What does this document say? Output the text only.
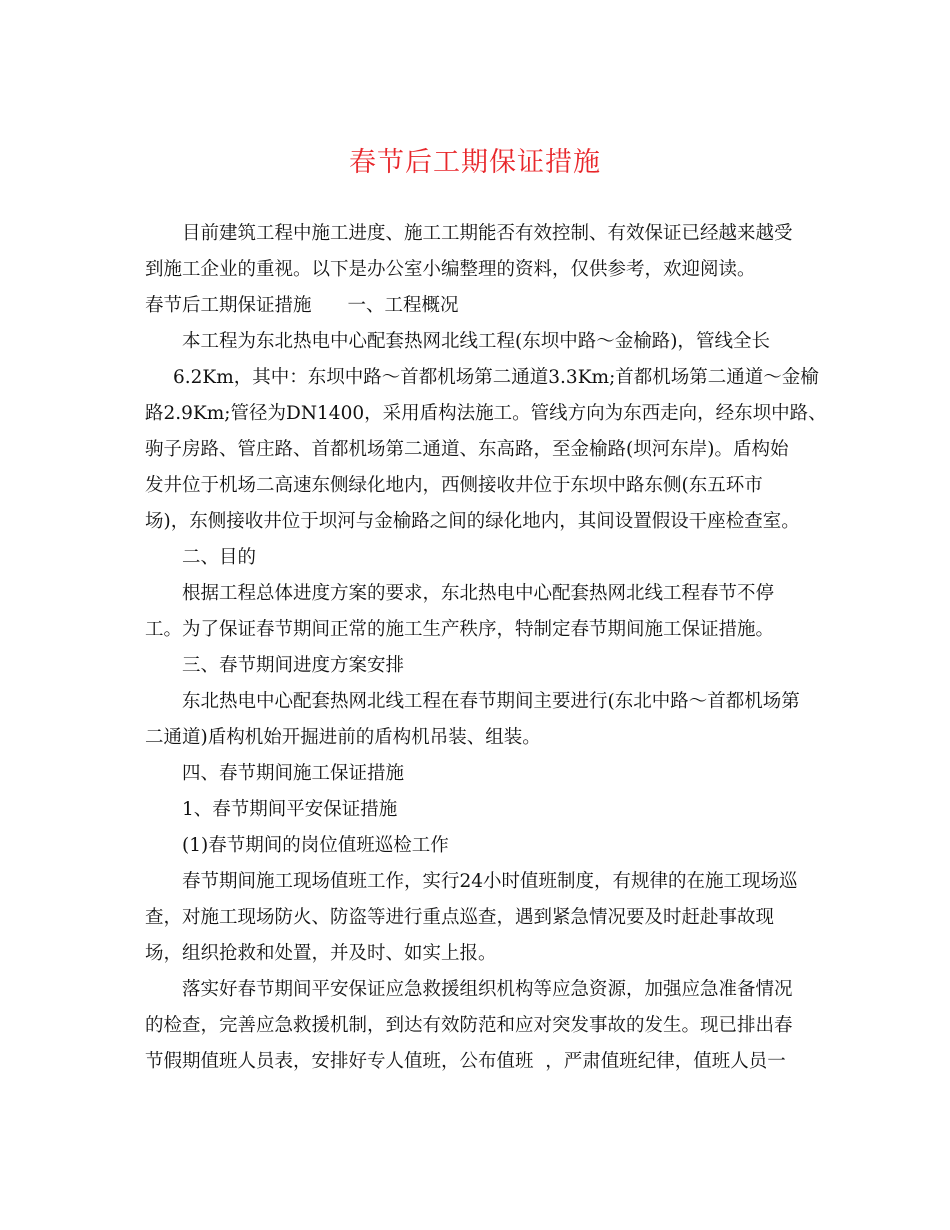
春节后工期保证措施
目前建筑工程中施工进度、施工工期能否有效控制、有效保证已经越来越受
到施工企业的重视。以下是办公室小编整理的资料，仅供参考，欢迎阅读。
春节后工期保证措施 一、工程概况
本工程为东北热电中心配套热网北线工程(东坝中路～金榆路)，管线全长
6.2Km，其中：东坝中路～首都机场第二通道3.3Km;首都机场第二通道～金榆
路2.9Km;管径为DN1400，采用盾构法施工。管线方向为东西走向，经东坝中路、
驹子房路、管庄路、首都机场第二通道、东高路，至金榆路(坝河东岸)。盾构始
发井位于机场二高速东侧绿化地内，西侧接收井位于东坝中路东侧(东五环市
场)，东侧接收井位于坝河与金榆路之间的绿化地内，其间设置假设干座检查室。
二、目的
根据工程总体进度方案的要求，东北热电中心配套热网北线工程春节不停
工。为了保证春节期间正常的施工生产秩序，特制定春节期间施工保证措施。
三、春节期间进度方案安排
东北热电中心配套热网北线工程在春节期间主要进行(东北中路～首都机场第
二通道)盾构机始开掘进前的盾构机吊装、组装。
四、春节期间施工保证措施
1、春节期间平安保证措施
(1)春节期间的岗位值班巡检工作
春节期间施工现场值班工作，实行24小时值班制度，有规律的在施工现场巡
查，对施工现场防火、防盗等进行重点巡查，遇到紧急情况要及时赶赴事故现
场，组织抢救和处置，并及时、如实上报。
落实好春节期间平安保证应急救援组织机构等应急资源，加强应急准备情况
的检查，完善应急救援机制，到达有效防范和应对突发事故的发生。现已排出春
节假期值班人员表，安排好专人值班，公布值班  ，严肃值班纪律，值班人员一
